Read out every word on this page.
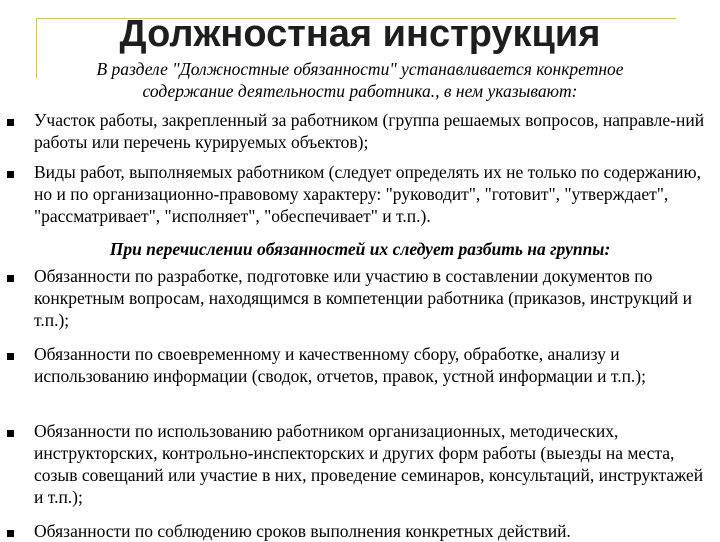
Должностная инструкция
В разделе "Должностные обязанности" устанавливается конкретное
содержание деятельности работника., в нем указывают:
Участок работы, закрепленный за работником (группа решаемых вопросов, направле-ний работы или перечень курируемых объектов);
Виды работ, выполняемых работником (следует определять их не только по содержанию, но и по организационно-правовому характеру: "руководит", "готовит", "утверждает", "рассматривает", "исполняет", "обеспечивает" и т.п.).
При перечислении обязанностей их следует разбить на группы:
Обязанности по разработке, подготовке или участию в составлении документов по конкретным вопросам, находящимся в компетенции работника (приказов, инструкций и т.п.);
Обязанности по своевременному и качественному сбору, обработке, анализу и использованию информации (сводок, отчетов, правок, устной информации и т.п.);
Обязанности по использованию работником организационных, методических, инструкторских, контрольно-инспекторских и других форм работы (выезды на места, созыв совещаний или участие в них, проведение семинаров, консультаций, инструктажей и т.п.);
Обязанности по соблюдению сроков выполнения конкретных действий.
